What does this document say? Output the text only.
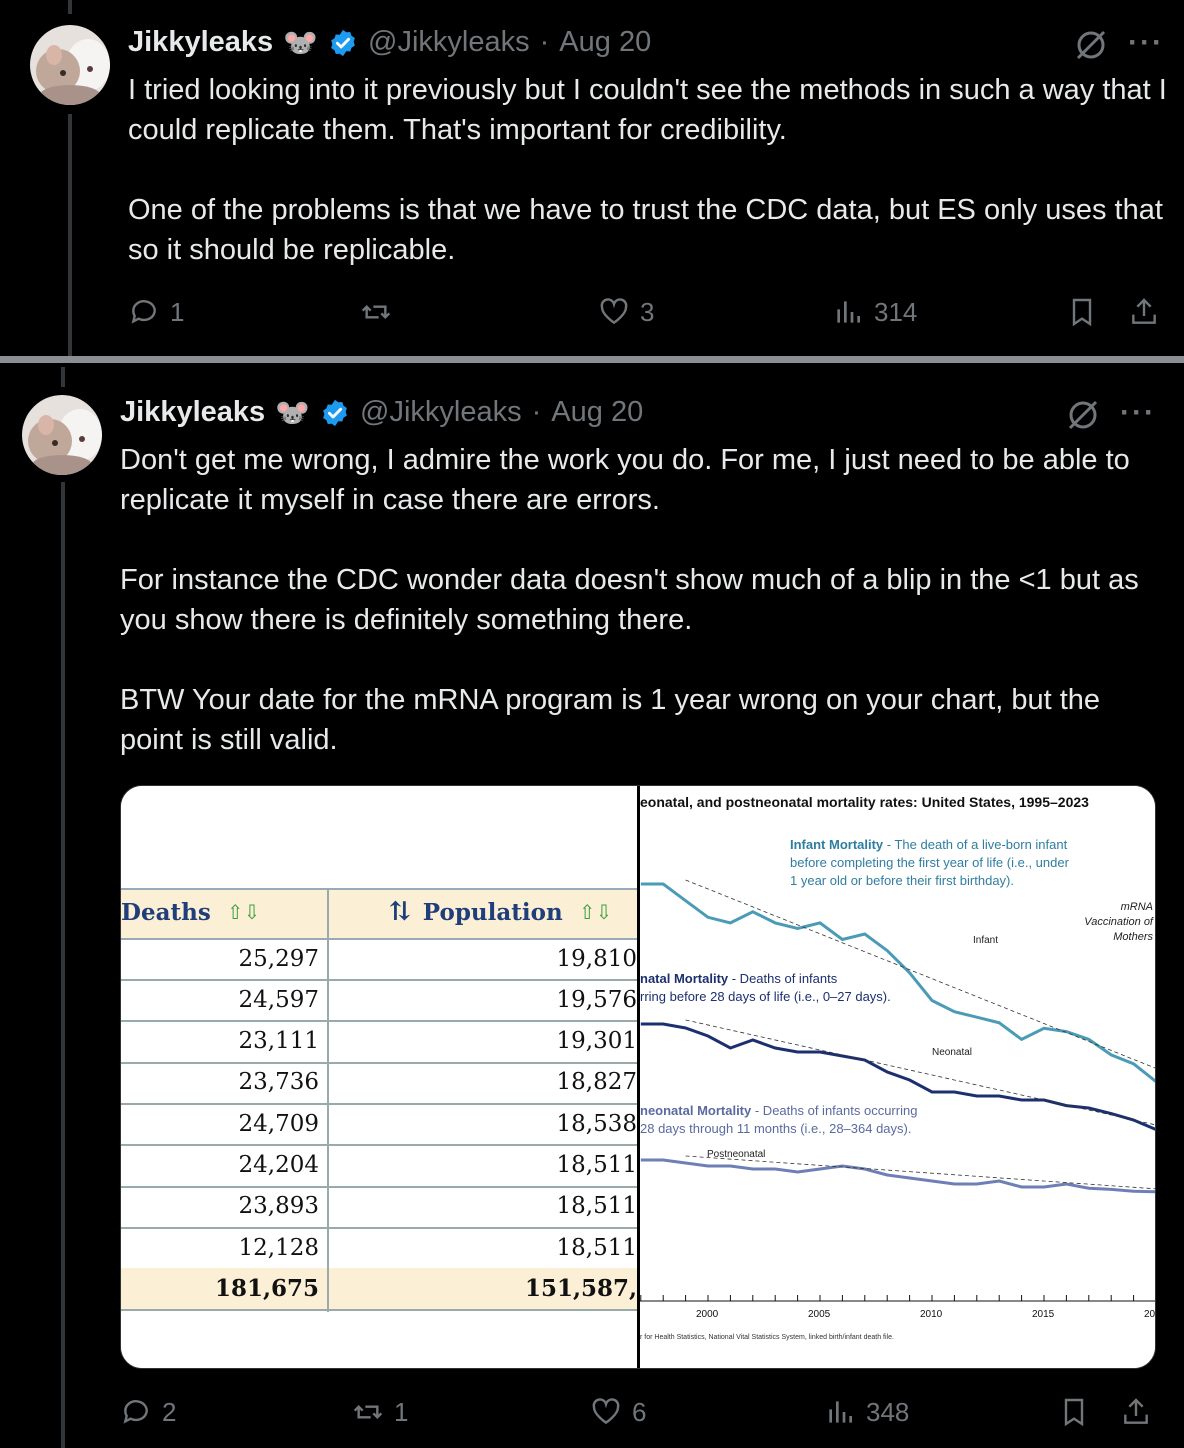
Jikkyleaks 🐭 @Jikkyleaks · Aug 20	···
I tried looking into it previously but I couldn't see the methods in such a way that I could replicate them. That's important for credibility.

One of the problems is that we have to trust the CDC data, but ES only uses that so it should be replicable.
1	3	314
Jikkyleaks 🐭 @Jikkyleaks · Aug 20	···
Don't get me wrong, I admire the work you do. For me, I just need to be able to replicate it myself in case there are errors.

For instance the CDC wonder data doesn't show much of a blip in the <1 but as you show there is definitely something there.

BTW Your date for the mRNA program is 1 year wrong on your chart, but the point is still valid.
Deaths ⇧⇩	⇅ Population ⇧⇩
25,297	19,810
24,597	19,576
23,111	19,301
23,736	18,827
24,709	18,538
24,204	18,511
23,893	18,511
12,128	18,511
181,675	151,587,
eonatal, and postneonatal mortality rates: United States, 1995–2023
Infant Mortality - The death of a live-born infant
before completing the first year of life (i.e., under
1 year old or before their first birthday).
natal Mortality - Deaths of infants
rring before 28 days of life (i.e., 0–27 days).
neonatal Mortality - Deaths of infants occurring
28 days through 11 months (i.e., 28–364 days).
mRNA
Vaccination of
Mothers
Infant
Neonatal
Postneonatal
r for Health Statistics, National Vital Statistics System, linked birth/infant death file.
2000	2005	2010	2015	20
2	1	6	348
